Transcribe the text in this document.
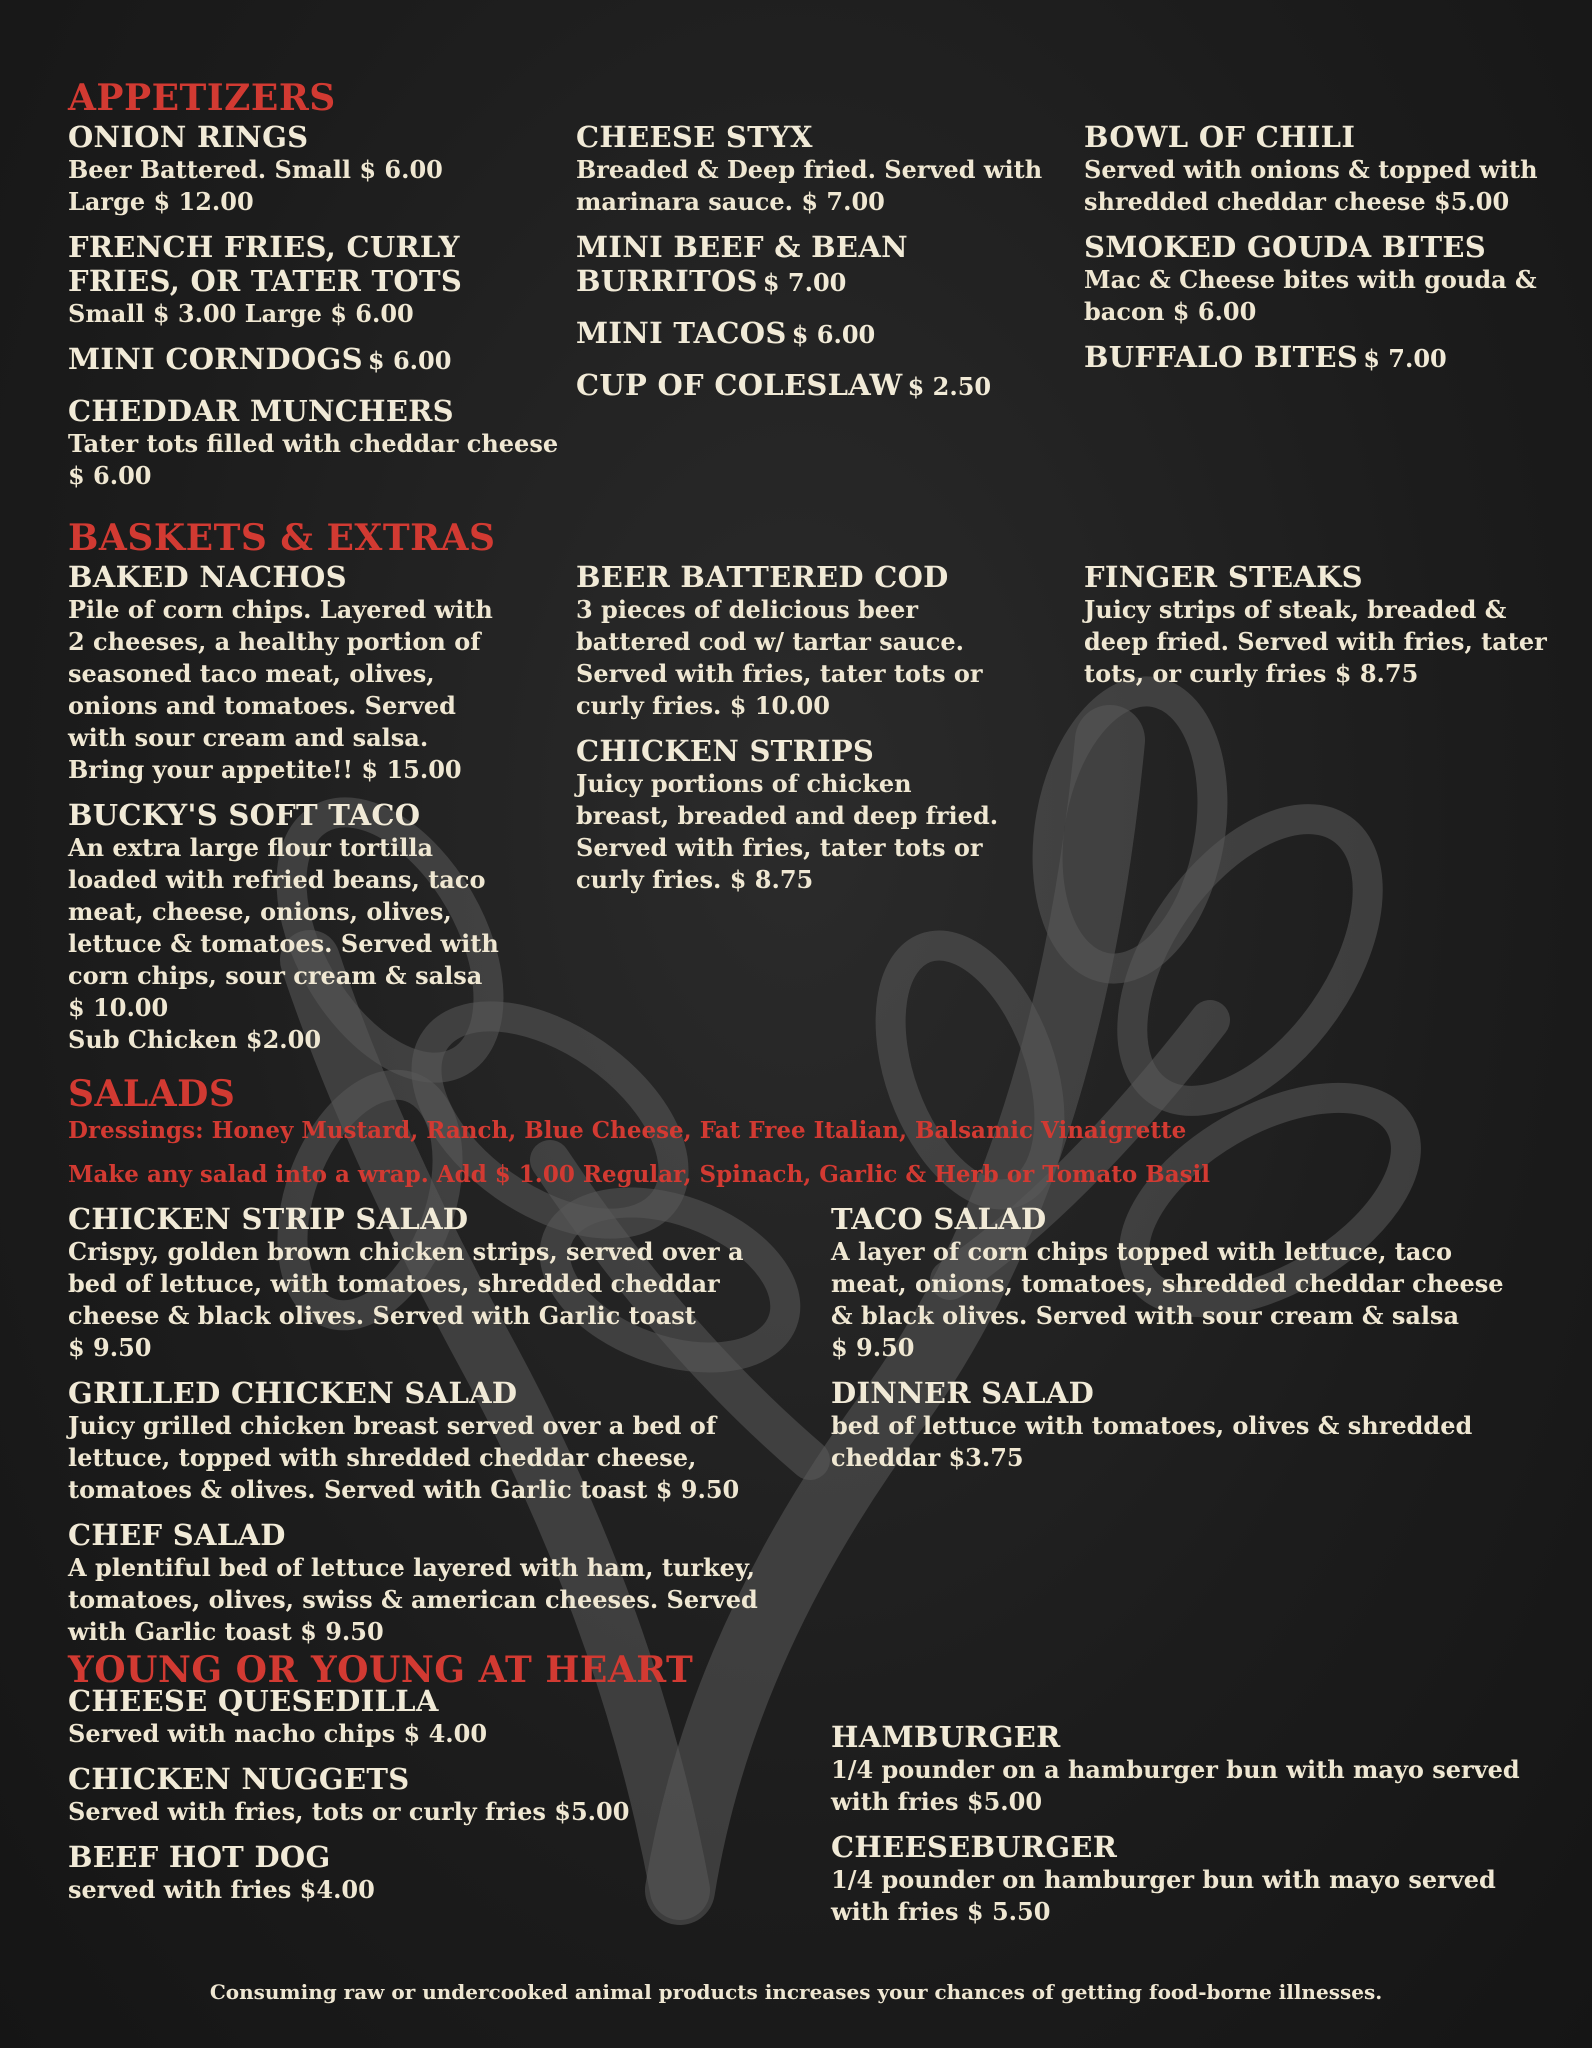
APPETIZERS
ONION RINGS
Beer Battered. Small $ 6.00
Large $ 12.00
FRENCH FRIES, CURLY FRIES, OR TATER TOTS
Small $ 3.00 Large $ 6.00
MINI CORNDOGS $ 6.00
CHEDDAR MUNCHERS
Tater tots filled with cheddar cheese $ 6.00
CHEESE STYX
Breaded & Deep fried. Served with marinara sauce. $ 7.00
MINI BEEF & BEAN BURRITOS $ 7.00
MINI TACOS $ 6.00
CUP OF COLESLAW $ 2.50
BOWL OF CHILI
Served with onions & topped with shredded cheddar cheese $5.00
SMOKED GOUDA BITES
Mac & Cheese bites with gouda & bacon $ 6.00
BUFFALO BITES $ 7.00
BASKETS & EXTRAS
BAKED NACHOS
Pile of corn chips. Layered with 2 cheeses, a healthy portion of seasoned taco meat, olives, onions and tomatoes. Served with sour cream and salsa. Bring your appetite!! $ 15.00
BUCKY'S SOFT TACO
An extra large flour tortilla loaded with refried beans, taco meat, cheese, onions, olives, lettuce & tomatoes. Served with corn chips, sour cream & salsa
$ 10.00
Sub Chicken $2.00
BEER BATTERED COD
3 pieces of delicious beer battered cod w/ tartar sauce. Served with fries, tater tots or curly fries. $ 10.00
CHICKEN STRIPS
Juicy portions of chicken breast, breaded and deep fried. Served with fries, tater tots or curly fries. $ 8.75
FINGER STEAKS
Juicy strips of steak, breaded & deep fried. Served with fries, tater tots, or curly fries $ 8.75
SALADS

Dressings: Honey Mustard, Ranch, Blue Cheese, Fat Free Italian, Balsamic Vinaigrette

Make any salad into a wrap. Add $ 1.00 Regular, Spinach, Garlic & Herb or Tomato Basil

CHICKEN STRIP SALAD
Crispy, golden brown chicken strips, served over a bed of lettuce, with tomatoes, shredded cheddar cheese & black olives. Served with Garlic toast
$ 9.50
GRILLED CHICKEN SALAD
Juicy grilled chicken breast served over a bed of lettuce, topped with shredded cheddar cheese, tomatoes & olives. Served with Garlic toast $ 9.50
CHEF SALAD
A plentiful bed of lettuce layered with ham, turkey, tomatoes, olives, swiss & american cheeses. Served with Garlic toast $ 9.50
TACO SALAD
A layer of corn chips topped with lettuce, taco meat, onions, tomatoes, shredded cheddar cheese & black olives. Served with sour cream & salsa
$ 9.50
DINNER SALAD
bed of lettuce with tomatoes, olives & shredded cheddar $3.75
YOUNG OR YOUNG AT HEART
CHEESE QUESEDILLA
Served with nacho chips $ 4.00
CHICKEN NUGGETS
Served with fries, tots or curly fries $5.00
BEEF HOT DOG
served with fries $4.00
HAMBURGER
1/4 pounder on a hamburger bun with mayo served with fries $5.00
CHEESEBURGER
1/4 pounder on hamburger bun with mayo served with fries $ 5.50
Consuming raw or undercooked animal products increases your chances of getting food-borne illnesses.
